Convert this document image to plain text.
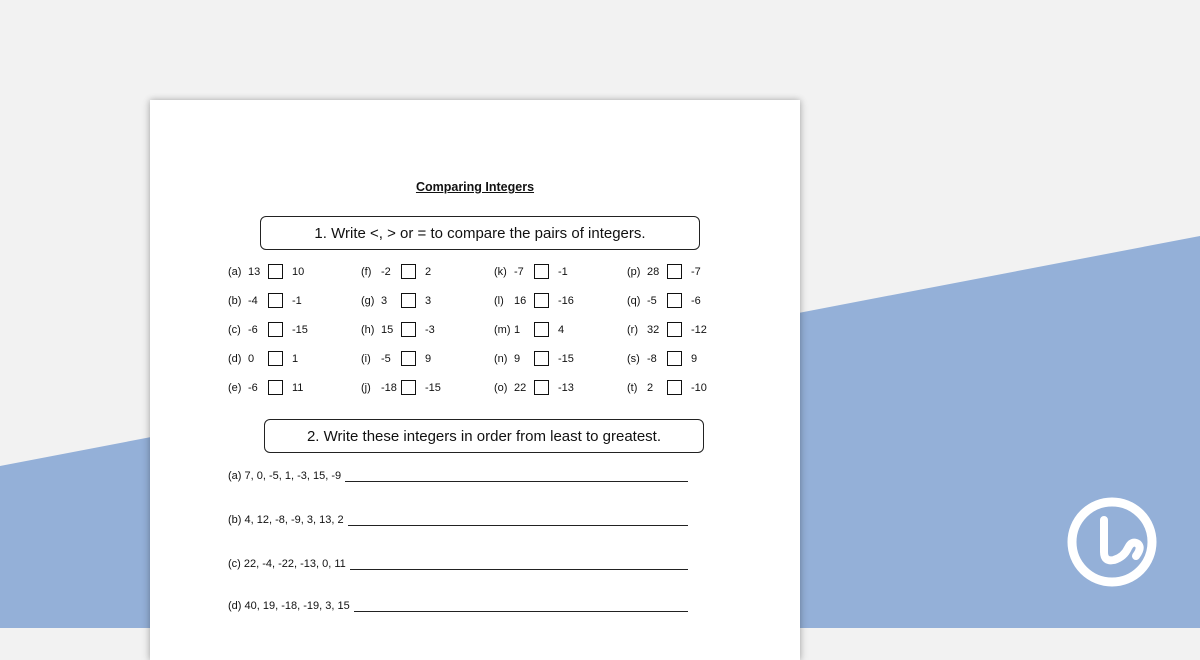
Comparing Integers
1. Write <, > or = to compare the pairs of integers.
(a) 13	10
(b) -4	-1
(c) -6	-15
(d) 0	1
(e) -6	11
(f) -2	2
(g) 3	3
(h) 15	-3
(i) -5	9
(j) -18	-15
(k) -7	-1
(l) 16	-16
(m) 1	4
(n) 9	-15
(o) 22	-13
(p) 28	-7
(q) -5	-6
(r) 32	-12
(s) -8	9
(t) 2	-10
2. Write these integers in order from least to greatest.
(a) 7, 0, -5, 1, -3, 15, -9
(b) 4, 12, -8, -9, 3, 13, 2
(c) 22, -4, -22, -13, 0, 11
(d) 40, 19, -18, -19, 3, 15
